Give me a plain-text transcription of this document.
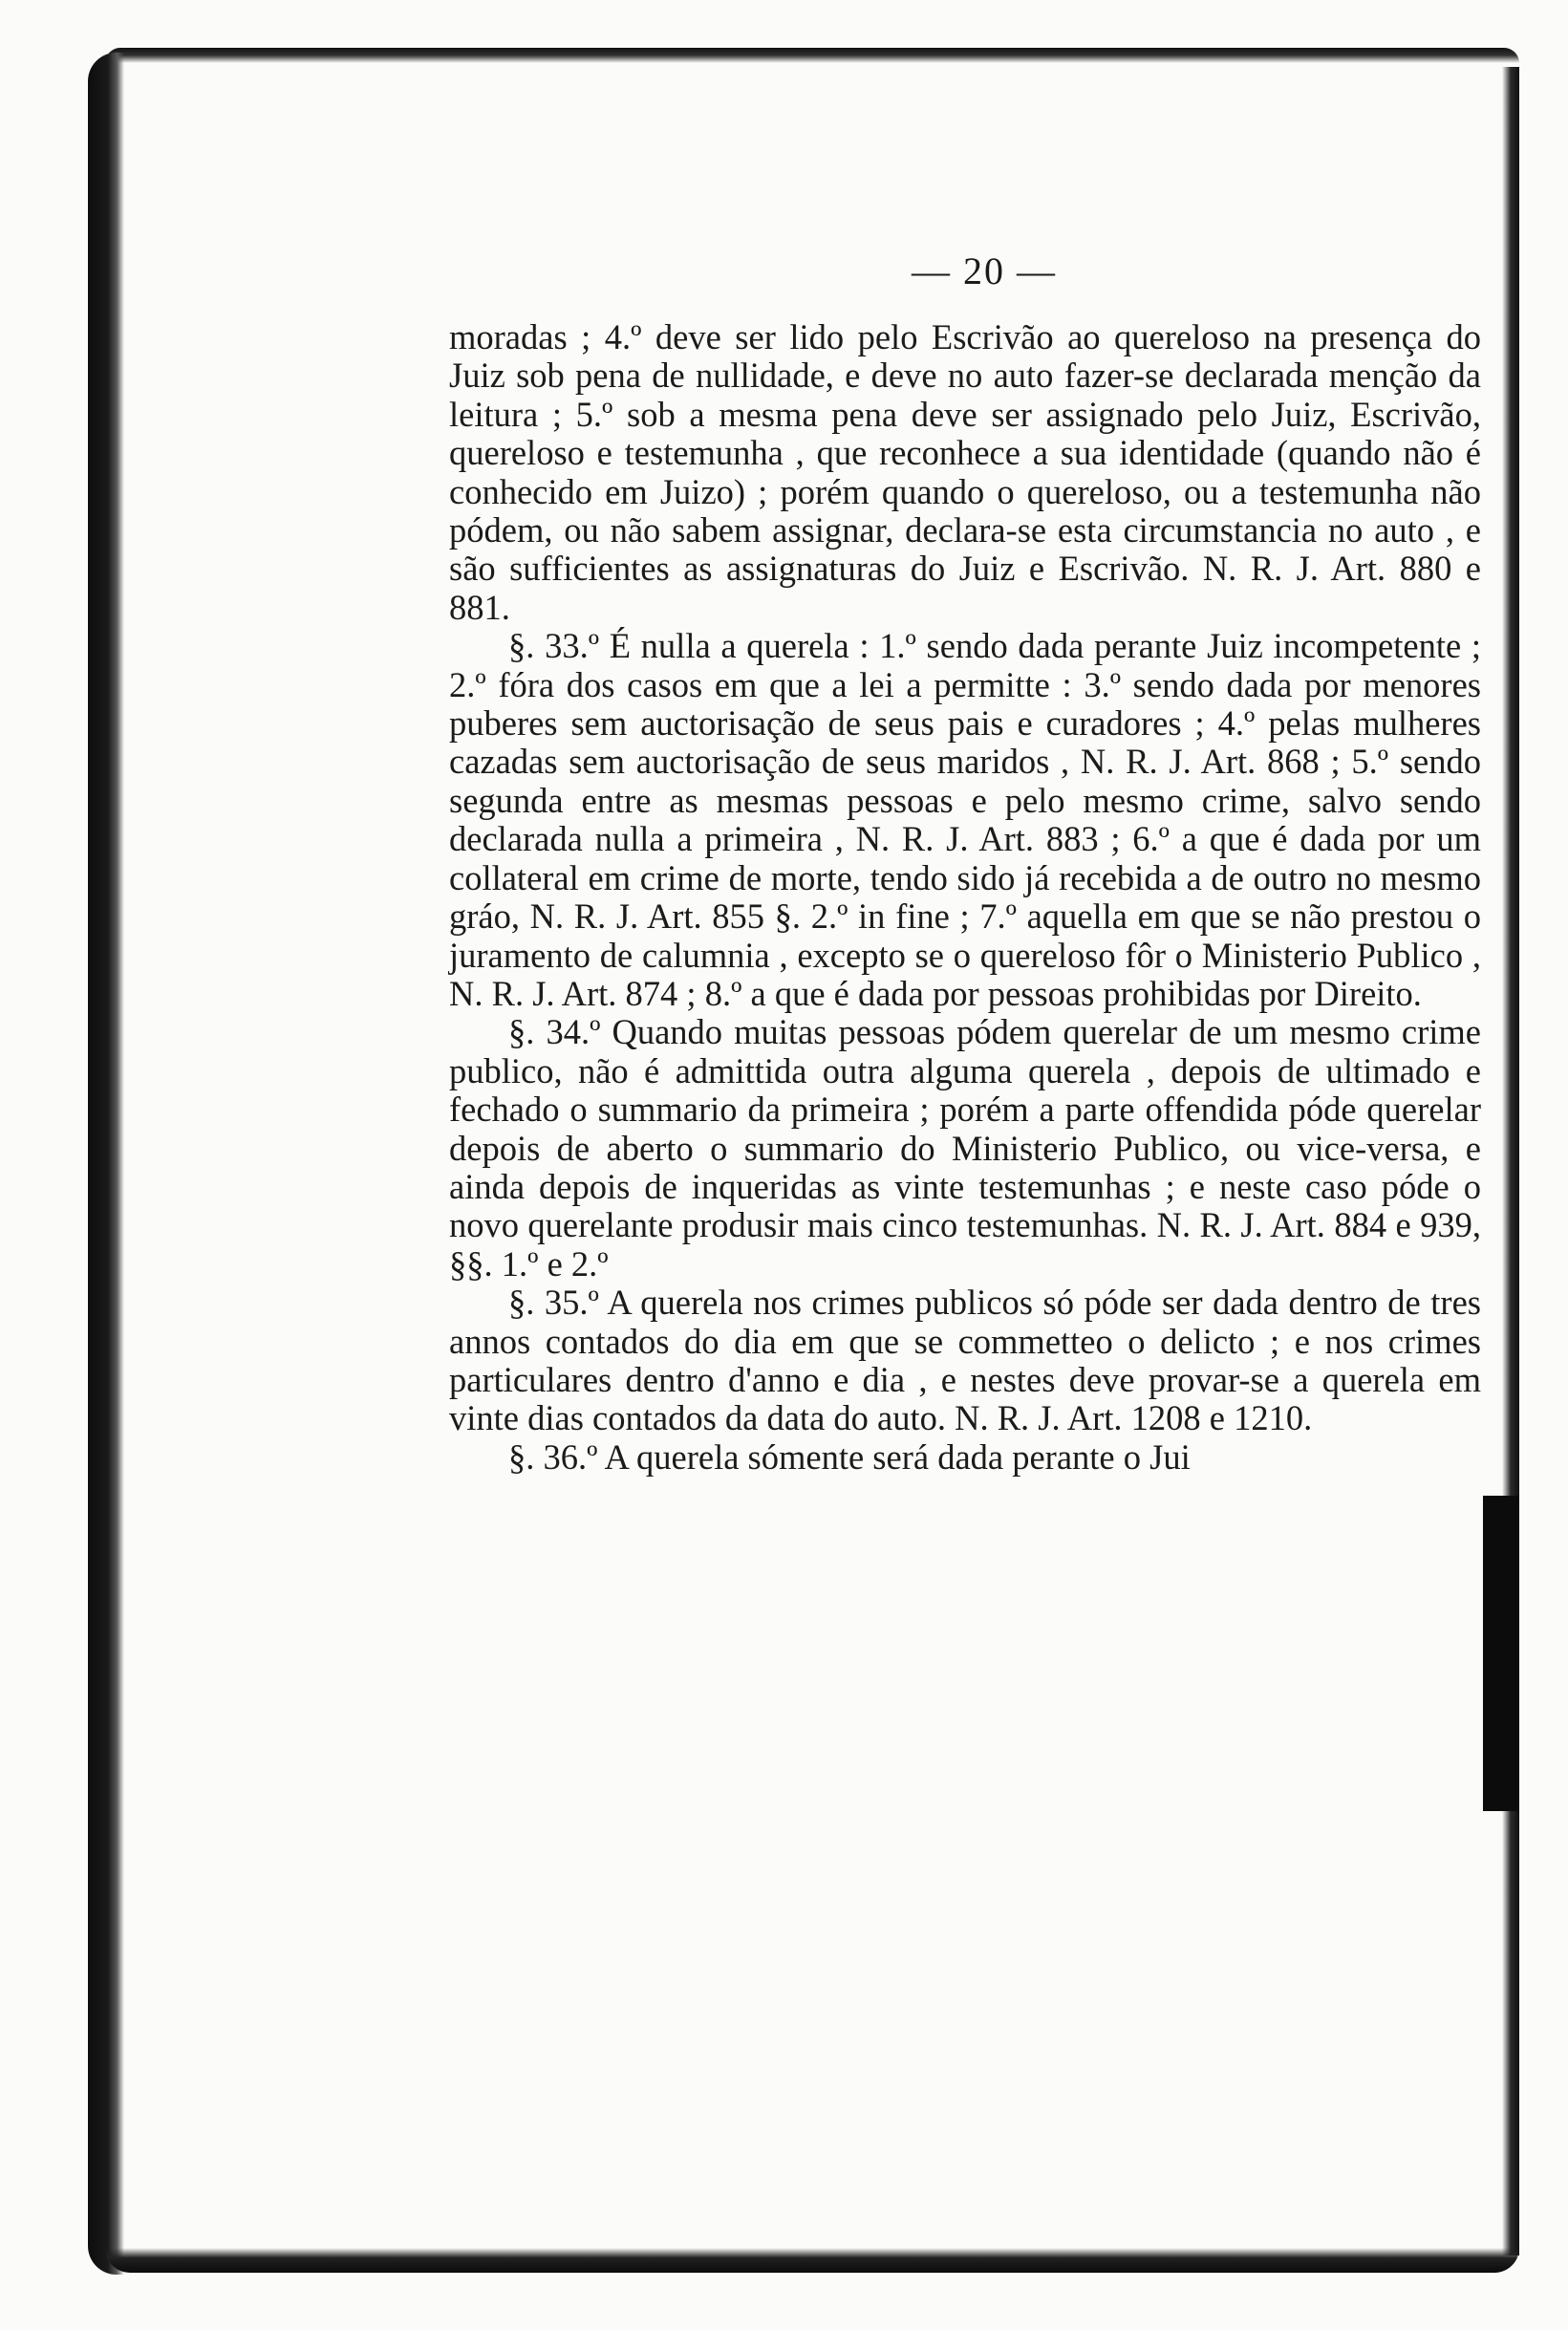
— 20 —

moradas ; 4.º deve ser lido pelo Escrivão ao quereloso na presença do Juiz sob pena de nullidade, e deve no auto fazer-se declarada menção da leitura ; 5.º sob a mesma pena deve ser assignado pelo Juiz, Escrivão, quereloso e testemunha , que reconhece a sua identidade (quando não é conhecido em Juizo) ; porém quando o quereloso, ou a testemunha não pódem, ou não sabem assignar, declara-se esta circumstancia no auto , e são sufficientes as assignaturas do Juiz e Escrivão. N. R. J. Art. 880 e 881.

§. 33.º É nulla a querela : 1.º sendo dada perante Juiz incompetente ; 2.º fóra dos casos em que a lei a permitte : 3.º sendo dada por menores puberes sem auctorisação de seus pais e curadores ; 4.º pelas mulheres cazadas sem auctorisação de seus maridos , N. R. J. Art. 868 ; 5.º sendo segunda entre as mesmas pessoas e pelo mesmo crime, salvo sendo declarada nulla a primeira , N. R. J. Art. 883 ; 6.º a que é dada por um collateral em crime de morte, tendo sido já recebida a de outro no mesmo gráo, N. R. J. Art. 855 §. 2.º in fine ; 7.º aquella em que se não prestou o juramento de calumnia , excepto se o quereloso fôr o Ministerio Publico , N. R. J. Art. 874 ; 8.º a que é dada por pessoas prohibidas por Direito.

§. 34.º Quando muitas pessoas pódem querelar de um mesmo crime publico, não é admittida outra alguma querela , depois de ultimado e fechado o summario da primeira ; porém a parte offendida póde querelar depois de aberto o summario do Ministerio Publico, ou vice-versa, e ainda depois de inqueridas as vinte testemunhas ; e neste caso póde o novo querelante produsir mais cinco testemunhas. N. R. J. Art. 884 e 939, §§. 1.º e 2.º

§. 35.º A querela nos crimes publicos só póde ser dada dentro de tres annos contados do dia em que se commetteo o delicto ; e nos crimes particulares dentro d'anno e dia , e nestes deve provar-se a querela em vinte dias contados da data do auto. N. R. J. Art. 1208 e 1210.

§. 36.º A querela sómente será dada perante o Jui
